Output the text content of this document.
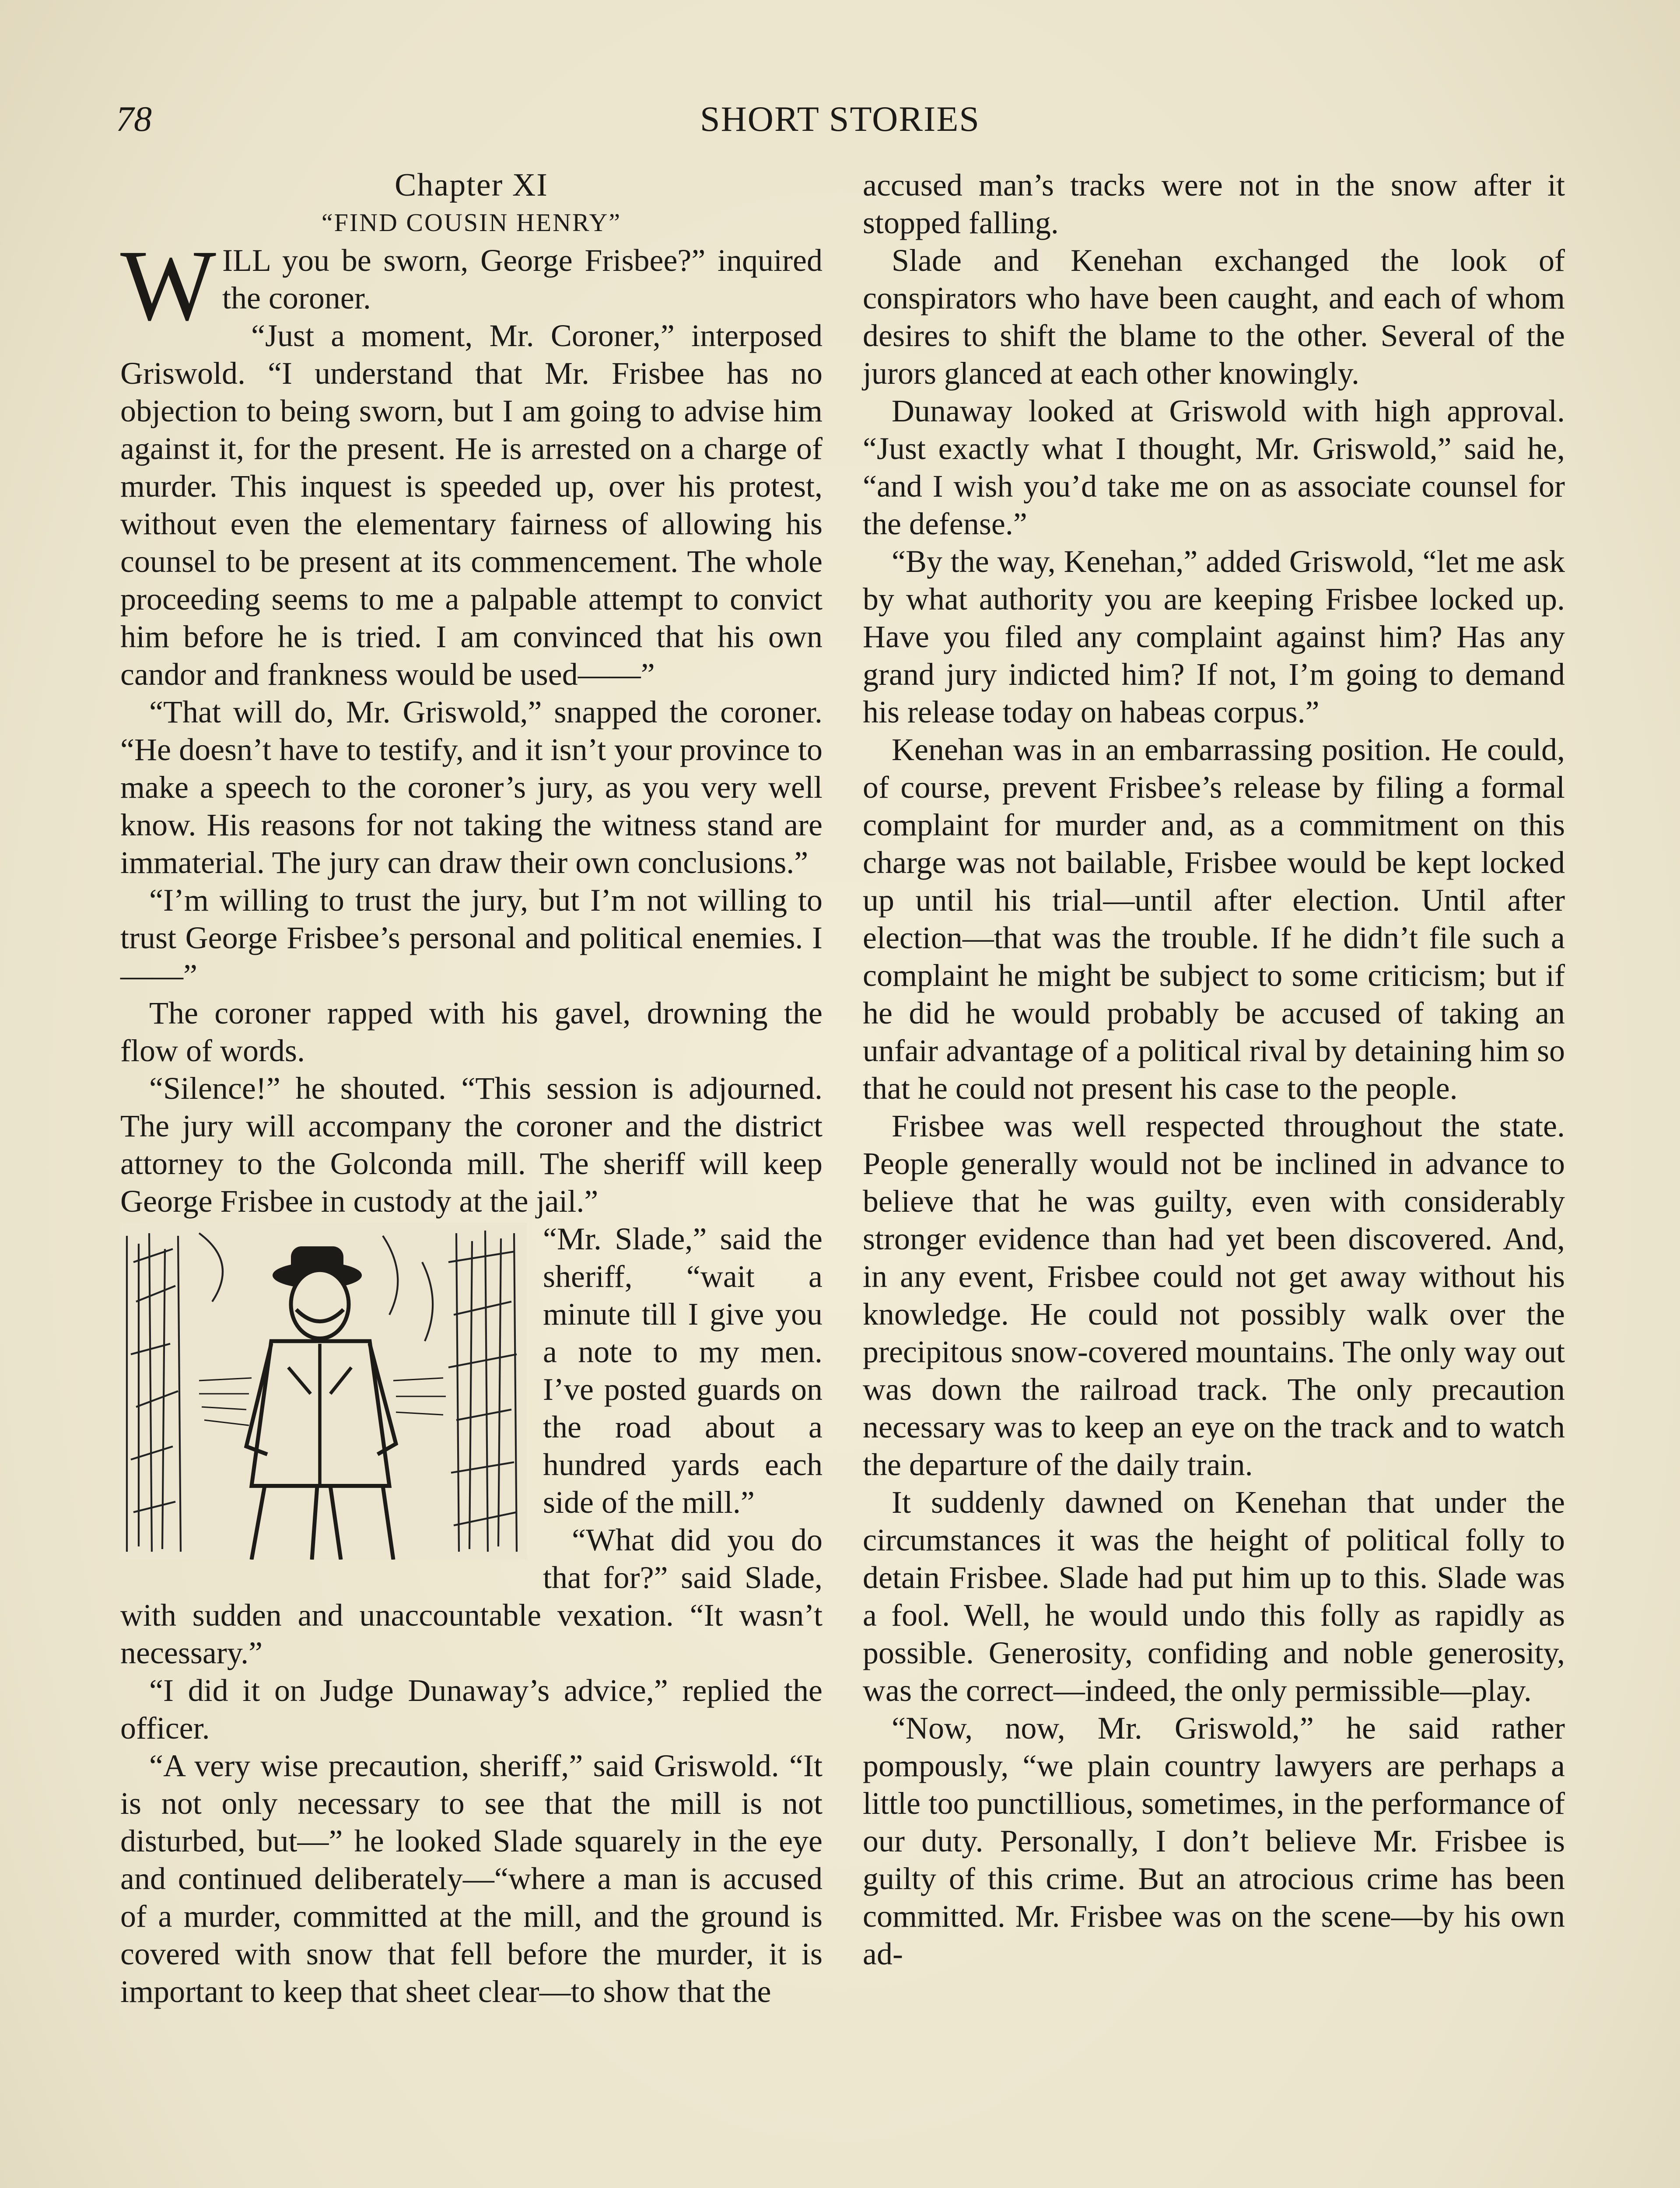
78	SHORT STORIES

Chapter XI

“FIND COUSIN HENRY”

WILL you be sworn, George Frisbee?” inquired the coroner.

“Just a moment, Mr. Coroner,” interposed Griswold. “I understand that Mr. Frisbee has no objection to being sworn, but I am going to advise him against it, for the present. He is arrested on a charge of murder. This inquest is speeded up, over his protest, without even the elementary fairness of allowing his counsel to be present at its commencement. The whole proceeding seems to me a palpable attempt to convict him before he is tried. I am convinced that his own candor and frankness would be used——”

“That will do, Mr. Griswold,” snapped the coroner. “He doesn’t have to testify, and it isn’t your province to make a speech to the coroner’s jury, as you very well know. His reasons for not taking the witness stand are immaterial. The jury can draw their own conclusions.”

“I’m willing to trust the jury, but I’m not willing to trust George Frisbee’s personal and political enemies. I——”

The coroner rapped with his gavel, drowning the flow of words.

“Silence!” he shouted. “This session is adjourned. The jury will accompany the coroner and the district attorney to the Golconda mill. The sheriff will keep George Frisbee in custody at the jail.”

“Mr. Slade,” said the sheriff, “wait a minute till I give you a note to my men. I’ve posted guards on the road about a hundred yards each side of the mill.”

“What did you do that for?” said Slade, with sudden and unaccountable vexation. “It wasn’t necessary.”

“I did it on Judge Dunaway’s advice,” replied the officer.

“A very wise precaution, sheriff,” said Griswold. “It is not only necessary to see that the mill is not disturbed, but—” he looked Slade squarely in the eye and continued deliberately—“where a man is accused of a murder, committed at the mill, and the ground is covered with snow that fell before the murder, it is important to keep that sheet clear—to show that the

accused man’s tracks were not in the snow after it stopped falling.

Slade and Kenehan exchanged the look of conspirators who have been caught, and each of whom desires to shift the blame to the other. Several of the jurors glanced at each other knowingly.

Dunaway looked at Griswold with high approval. “Just exactly what I thought, Mr. Griswold,” said he, “and I wish you’d take me on as associate counsel for the defense.”

“By the way, Kenehan,” added Griswold, “let me ask by what authority you are keeping Frisbee locked up. Have you filed any complaint against him? Has any grand jury indicted him? If not, I’m going to demand his release today on habeas corpus.”

Kenehan was in an embarrassing position. He could, of course, prevent Frisbee’s release by filing a formal complaint for murder and, as a commitment on this charge was not bailable, Frisbee would be kept locked up until his trial—until after election. Until after election—that was the trouble. If he didn’t file such a complaint he might be subject to some criticism; but if he did he would probably be accused of taking an unfair advantage of a political rival by detaining him so that he could not present his case to the people.

Frisbee was well respected throughout the state. People generally would not be inclined in advance to believe that he was guilty, even with considerably stronger evidence than had yet been discovered. And, in any event, Frisbee could not get away without his knowledge. He could not possibly walk over the precipitous snow-covered mountains. The only way out was down the railroad track. The only precaution necessary was to keep an eye on the track and to watch the departure of the daily train.

It suddenly dawned on Kenehan that under the circumstances it was the height of political folly to detain Frisbee. Slade had put him up to this. Slade was a fool. Well, he would undo this folly as rapidly as possible. Generosity, confiding and noble generosity, was the correct—indeed, the only permissible—play.

“Now, now, Mr. Griswold,” he said rather pompously, “we plain country lawyers are perhaps a little too punctillious, sometimes, in the performance of our duty. Personally, I don’t believe Mr. Frisbee is guilty of this crime. But an atrocious crime has been committed. Mr. Frisbee was on the scene—by his own ad-
